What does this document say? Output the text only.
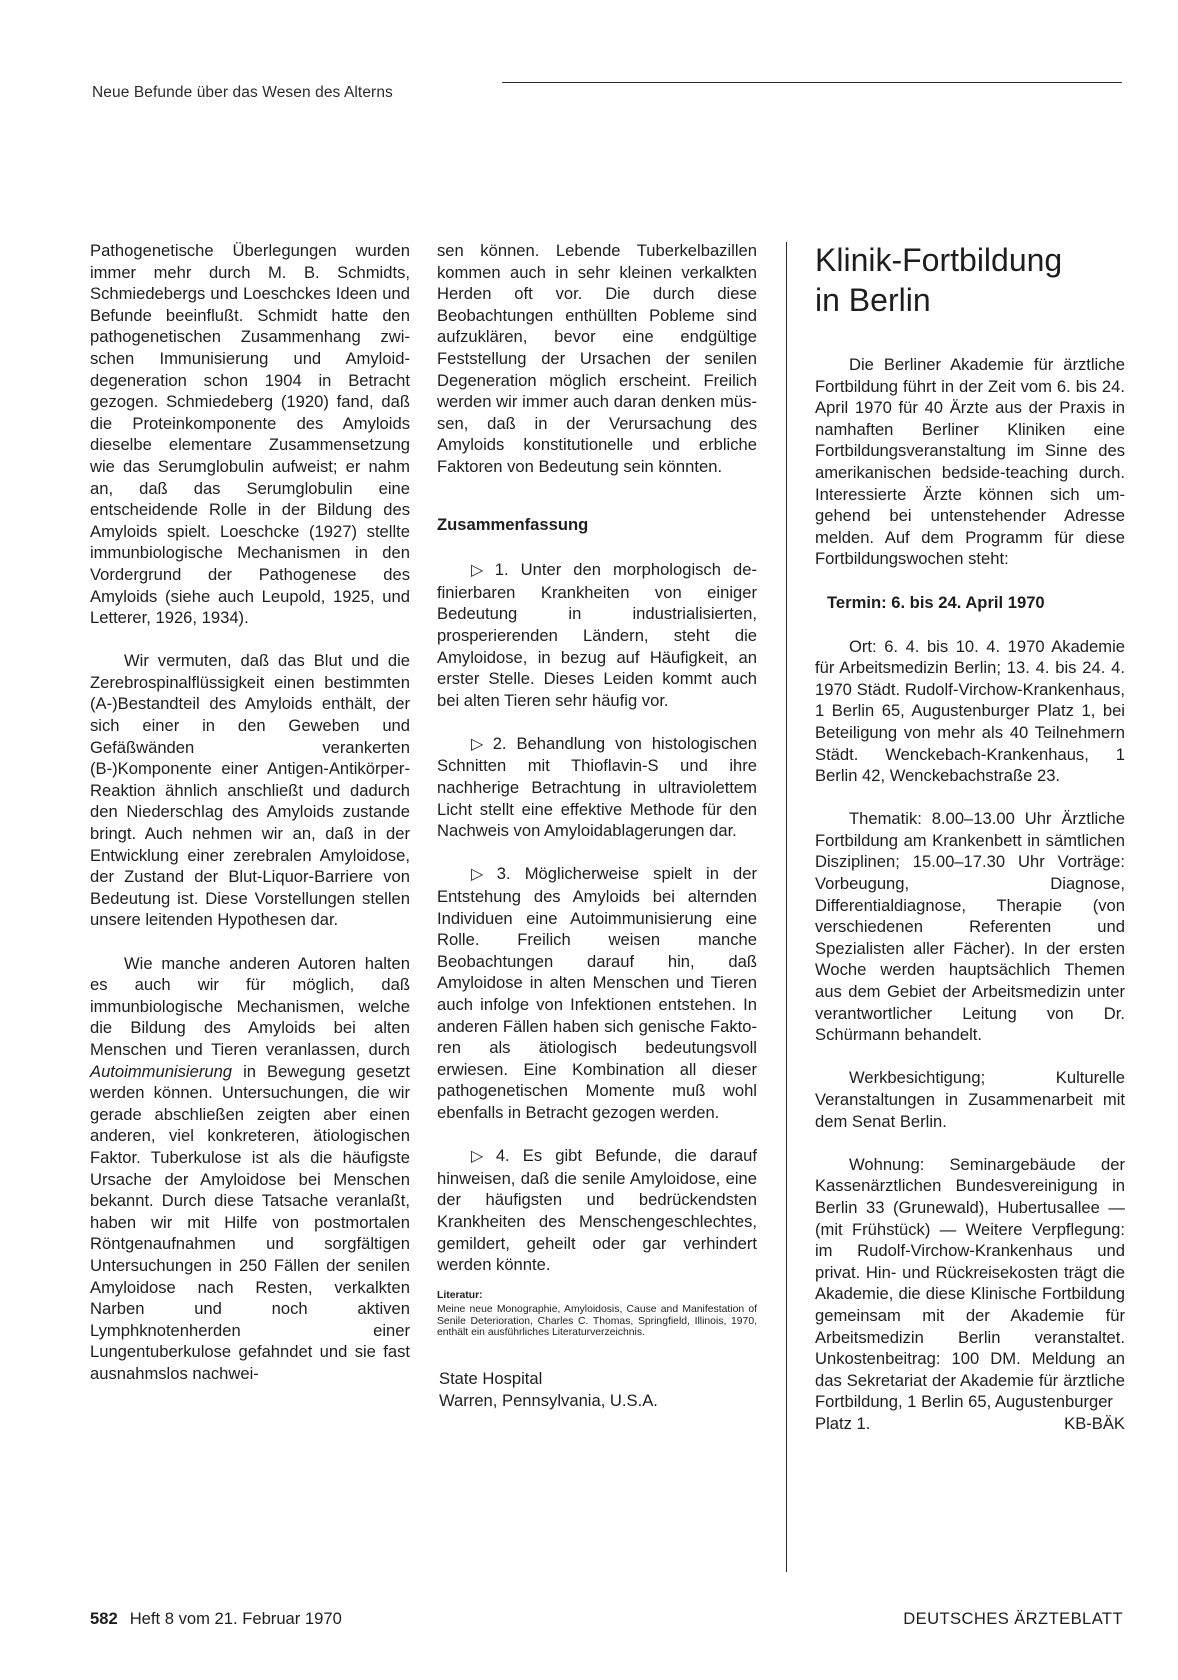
Neue Befunde über das Wesen des Alterns

Pathogenetische Überlegungen wurden immer mehr durch M. B. Schmidts, Schmiedebergs und Loeschckes Ideen und Befunde beeinflußt. Schmidt hatte den pathogenetischen Zusammenhang zwischen Immunisierung und Amyloiddegeneration schon 1904 in Betracht gezogen. Schmiedeberg (1920) fand, daß die Proteinkomponente des Amyloids dieselbe elementare Zusammensetzung wie das Serumglobulin aufweist; er nahm an, daß das Serumglobulin eine entscheidende Rolle in der Bildung des Amyloids spielt. Loeschcke (1927) stellte immunbiologische Mechanismen in den Vordergrund der Pathogenese des Amyloids (siehe auch Leupold, 1925, und Letterer, 1926, 1934).

Wir vermuten, daß das Blut und die Zerebrospinalflüssigkeit einen bestimmten (A-)Bestandteil des Amyloids enthält, der sich einer in den Geweben und Gefäßwänden verankerten (B-)Komponente einer Antigen-Antikörper-Reaktion ähnlich anschließt und dadurch den Niederschlag des Amyloids zustande bringt. Auch nehmen wir an, daß in der Entwicklung einer zerebralen Amyloidose, der Zustand der Blut-Liquor-Barriere von Bedeutung ist. Diese Vorstellungen stellen unsere leitenden Hypothesen dar.

Wie manche anderen Autoren halten es auch wir für möglich, daß immunbiologische Mechanismen, welche die Bildung des Amyloids bei alten Menschen und Tieren veranlassen, durch Autoimmunisierung in Bewegung gesetzt werden können. Untersuchungen, die wir gerade abschließen zeigten aber einen anderen, viel konkreteren, ätiologischen Faktor. Tuberkulose ist als die häufigste Ursache der Amyloidose bei Menschen bekannt. Durch diese Tatsache veranlaßt, haben wir mit Hilfe von postmortalen Röntgenaufnahmen und sorgfältigen Untersuchungen in 250 Fällen der senilen Amyloidose nach Resten, verkalkten Narben und noch aktiven Lymphknotenherden einer Lungentuberkulose gefahndet und sie fast ausnahmslos nachwei-

sen können. Lebende Tuberkelbazillen kommen auch in sehr kleinen verkalkten Herden oft vor. Die durch diese Beobachtungen enthüllten Pobleme sind aufzuklären, bevor eine endgültige Feststellung der Ursachen der senilen Degeneration möglich erscheint. Freilich werden wir immer auch daran denken müssen, daß in der Verursachung des Amyloids konstitutionelle und erbliche Faktoren von Bedeutung sein könnten.

Zusammenfassung

▷ 1. Unter den morphologisch definierbaren Krankheiten von einiger Bedeutung in industrialisierten, prosperierenden Ländern, steht die Amyloidose, in bezug auf Häufigkeit, an erster Stelle. Dieses Leiden kommt auch bei alten Tieren sehr häufig vor.

▷ 2. Behandlung von histologischen Schnitten mit Thioflavin-S und ihre nachherige Betrachtung in ultraviolettem Licht stellt eine effektive Methode für den Nachweis von Amyloidablagerungen dar.

▷ 3. Möglicherweise spielt in der Entstehung des Amyloids bei alternden Individuen eine Autoimmunisierung eine Rolle. Freilich weisen manche Beobachtungen darauf hin, daß Amyloidose in alten Menschen und Tieren auch infolge von Infektionen entstehen. In anderen Fällen haben sich genische Faktoren als ätiologisch bedeutungsvoll erwiesen. Eine Kombination all dieser pathogenetischen Momente muß wohl ebenfalls in Betracht gezogen werden.

▷ 4. Es gibt Befunde, die darauf hinweisen, daß die senile Amyloidose, eine der häufigsten und bedrückendsten Krankheiten des Menschengeschlechtes, gemildert, geheilt oder gar verhindert werden könnte.

Literatur:
Meine neue Monographie, Amyloidosis, Cause and Manifestation of Senile Deterioration, Charles C. Thomas, Springfield, Illinois, 1970, enthält ein ausführliches Literaturverzeichnis.
State Hospital
Warren, Pennsylvania, U.S.A.
Klinik-Fortbildung
in Berlin

Die Berliner Akademie für ärztliche Fortbildung führt in der Zeit vom 6. bis 24. April 1970 für 40 Ärzte aus der Praxis in namhaften Berliner Kliniken eine Fortbildungsveranstaltung im Sinne des amerikanischen bedside-teaching durch. Interessierte Ärzte können sich umgehend bei untenstehender Adresse melden. Auf dem Programm für diese Fortbildungswochen steht:

Termin: 6. bis 24. April 1970

Ort: 6. 4. bis 10. 4. 1970 Akademie für Arbeitsmedizin Berlin; 13. 4. bis 24. 4. 1970 Städt. Rudolf-Virchow-Krankenhaus, 1 Berlin 65, Augustenburger Platz 1, bei Beteiligung von mehr als 40 Teilnehmern Städt. Wenckebach-Krankenhaus, 1 Berlin 42, Wenckebachstraße 23.

Thematik: 8.00–13.00 Uhr Ärztliche Fortbildung am Krankenbett in sämtlichen Disziplinen; 15.00–17.30 Uhr Vorträge: Vorbeugung, Diagnose, Differentialdiagnose, Therapie (von verschiedenen Referenten und Spezialisten aller Fächer). In der ersten Woche werden hauptsächlich Themen aus dem Gebiet der Arbeitsmedizin unter verantwortlicher Leitung von Dr. Schürmann behandelt.

Werkbesichtigung; Kulturelle Veranstaltungen in Zusammenarbeit mit dem Senat Berlin.

Wohnung: Seminargebäude der Kassenärztlichen Bundesvereinigung in Berlin 33 (Grunewald), Hubertusallee — (mit Frühstück) — Weitere Verpflegung: im Rudolf-Virchow-Krankenhaus und privat. Hin- und Rückreisekosten trägt die Akademie, die diese Klinische Fortbildung gemeinsam mit der Akademie für Arbeitsmedizin Berlin veranstaltet. Unkostenbeitrag: 100 DM. Meldung an das Sekretariat der Akademie für ärztliche Fortbildung, 1 Berlin 65, Augustenburger

Platz 1.	KB-BÄK
582 Heft 8 vom 21. Februar 1970	DEUTSCHES ÄRZTEBLATT
